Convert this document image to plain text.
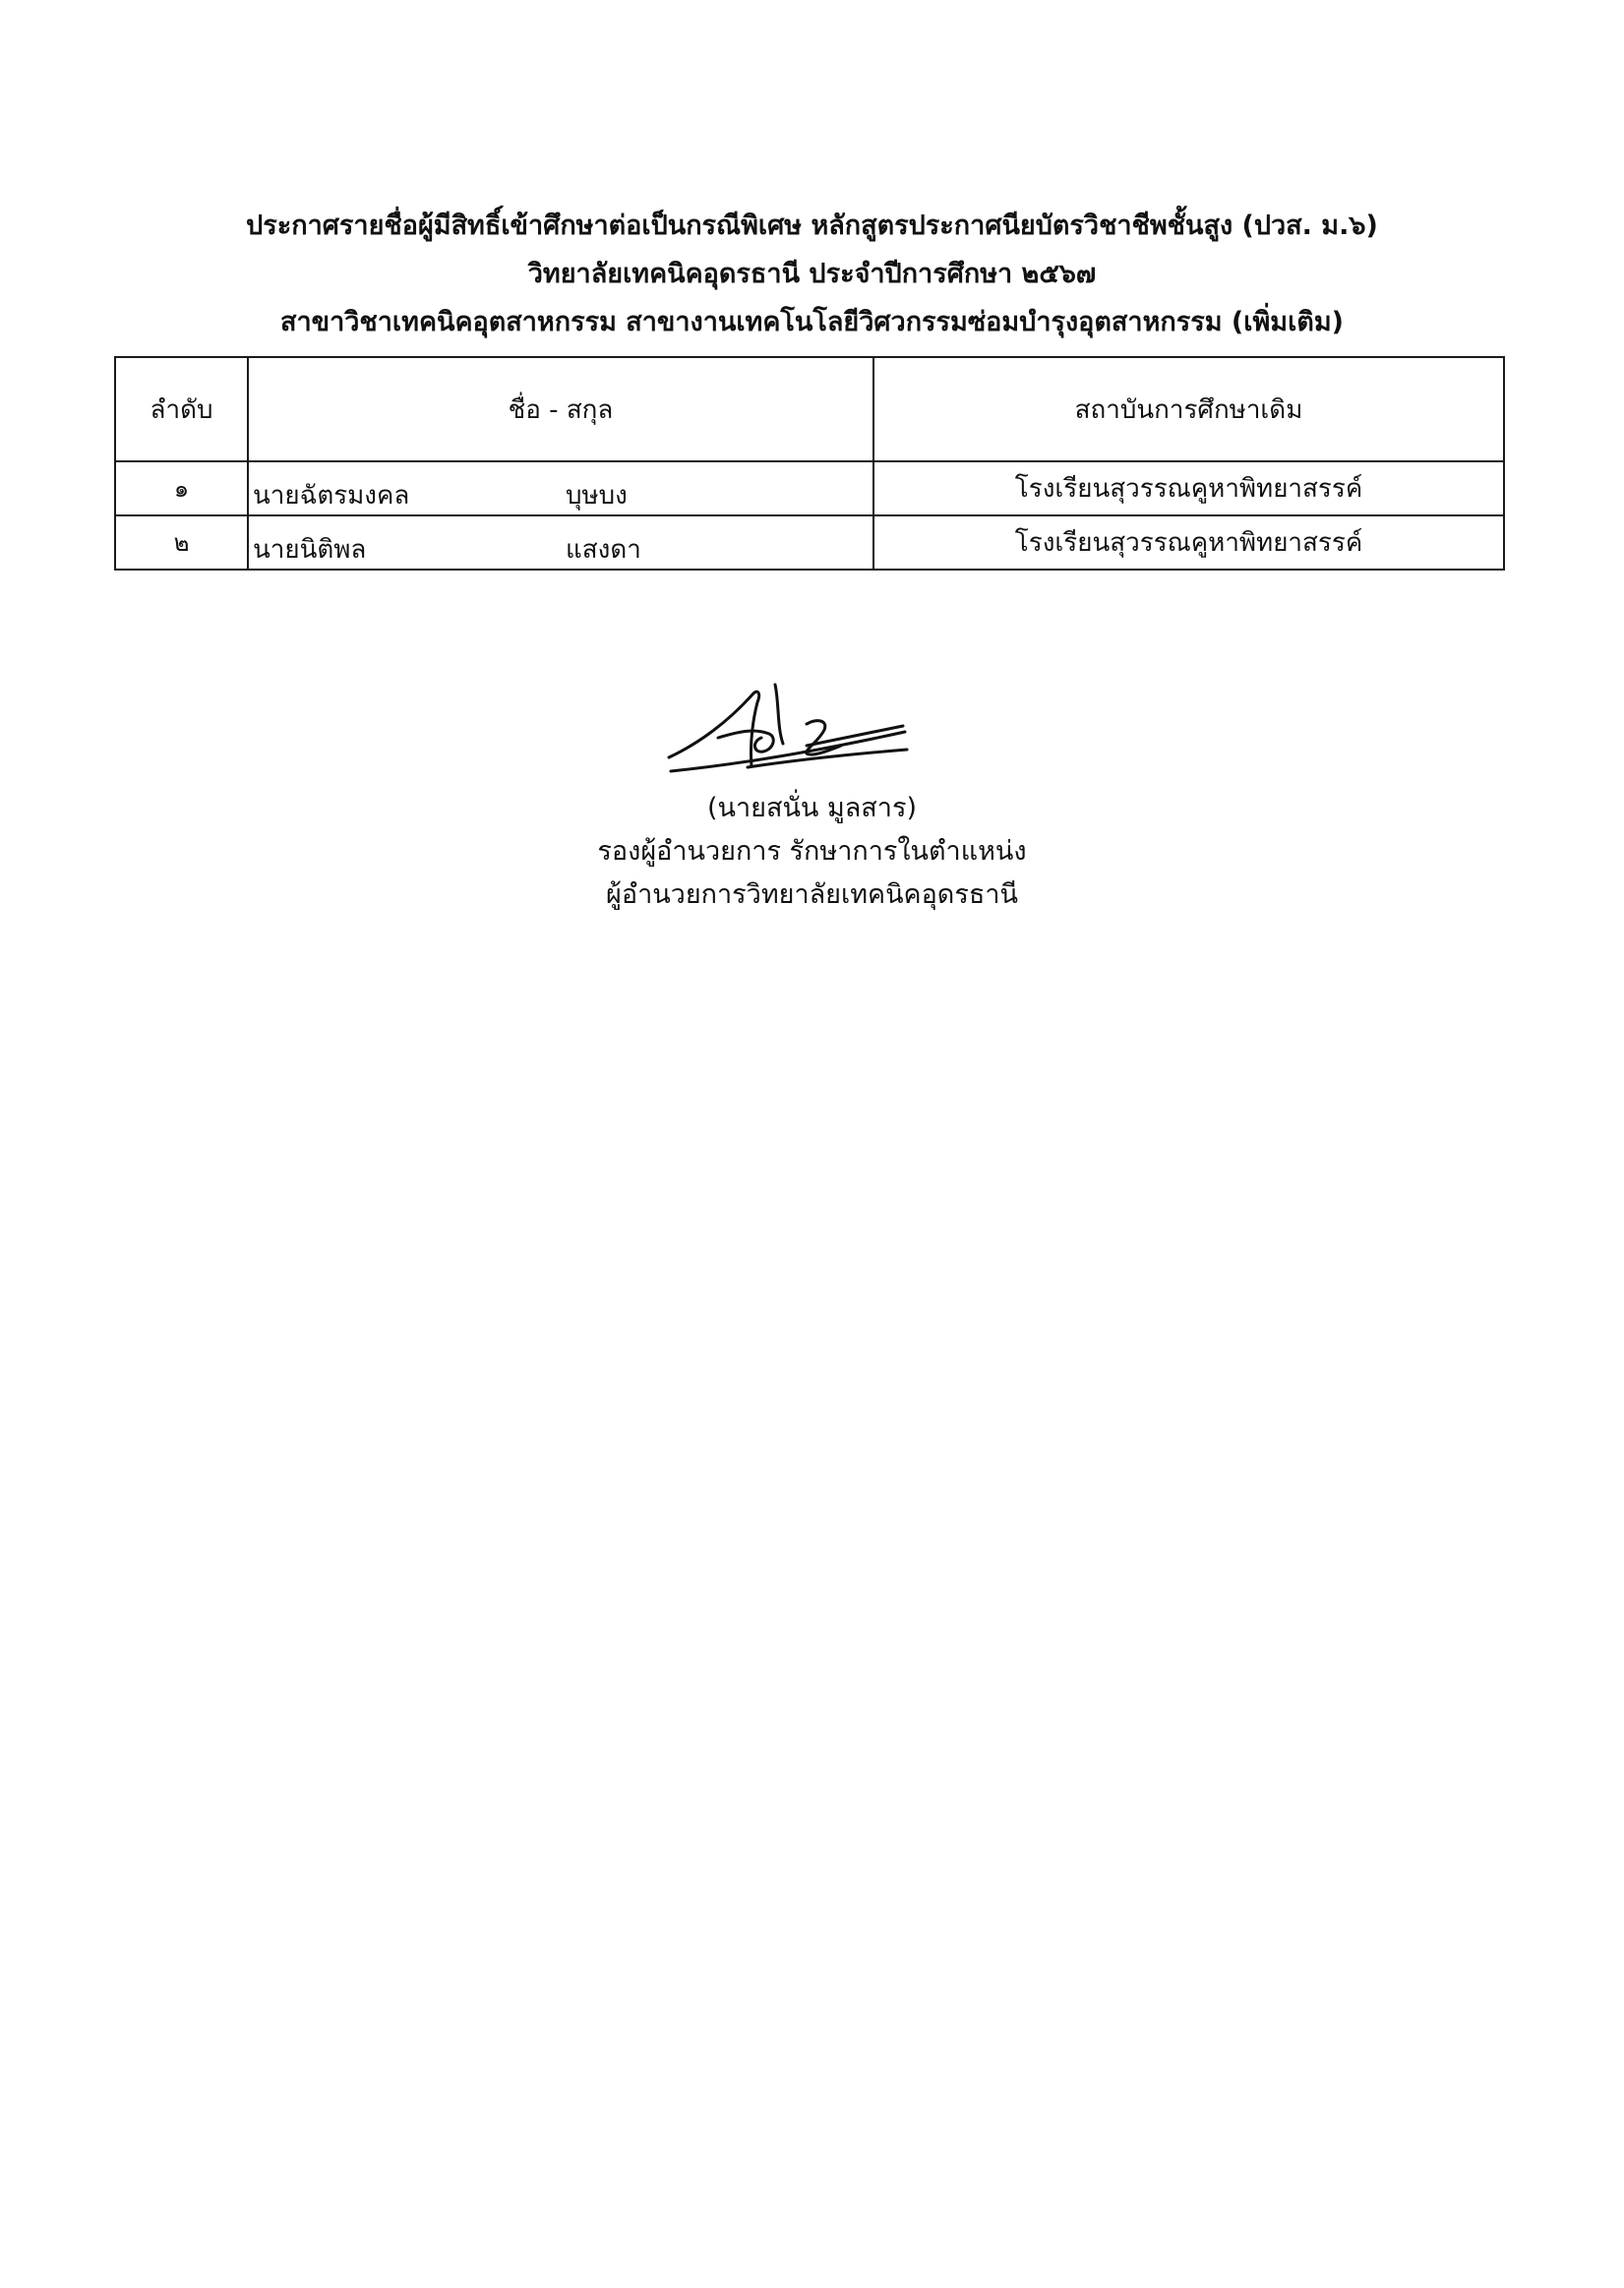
ประกาศรายชื่อผู้มีสิทธิ์เข้าศึกษาต่อเป็นกรณีพิเศษ หลักสูตรประกาศนียบัตรวิชาชีพชั้นสูง (ปวส. ม.๖)
วิทยาลัยเทคนิคอุดรธานี ประจำปีการศึกษา ๒๕๖๗
สาขาวิชาเทคนิคอุตสาหกรรม สาขางานเทคโนโลยีวิศวกรรมซ่อมบำรุงอุตสาหกรรม (เพิ่มเติม)
ลำดับ	ชื่อ - สกุล	สถาบันการศึกษาเดิม
๑	นายฉัตรมงคล บุษบง	โรงเรียนสุวรรณคูหาพิทยาสรรค์
๒	นายนิติพล แสงดา	โรงเรียนสุวรรณคูหาพิทยาสรรค์
(นายสนั่น มูลสาร)
รองผู้อำนวยการ รักษาการในตำแหน่ง
ผู้อำนวยการวิทยาลัยเทคนิคอุดรธานี
